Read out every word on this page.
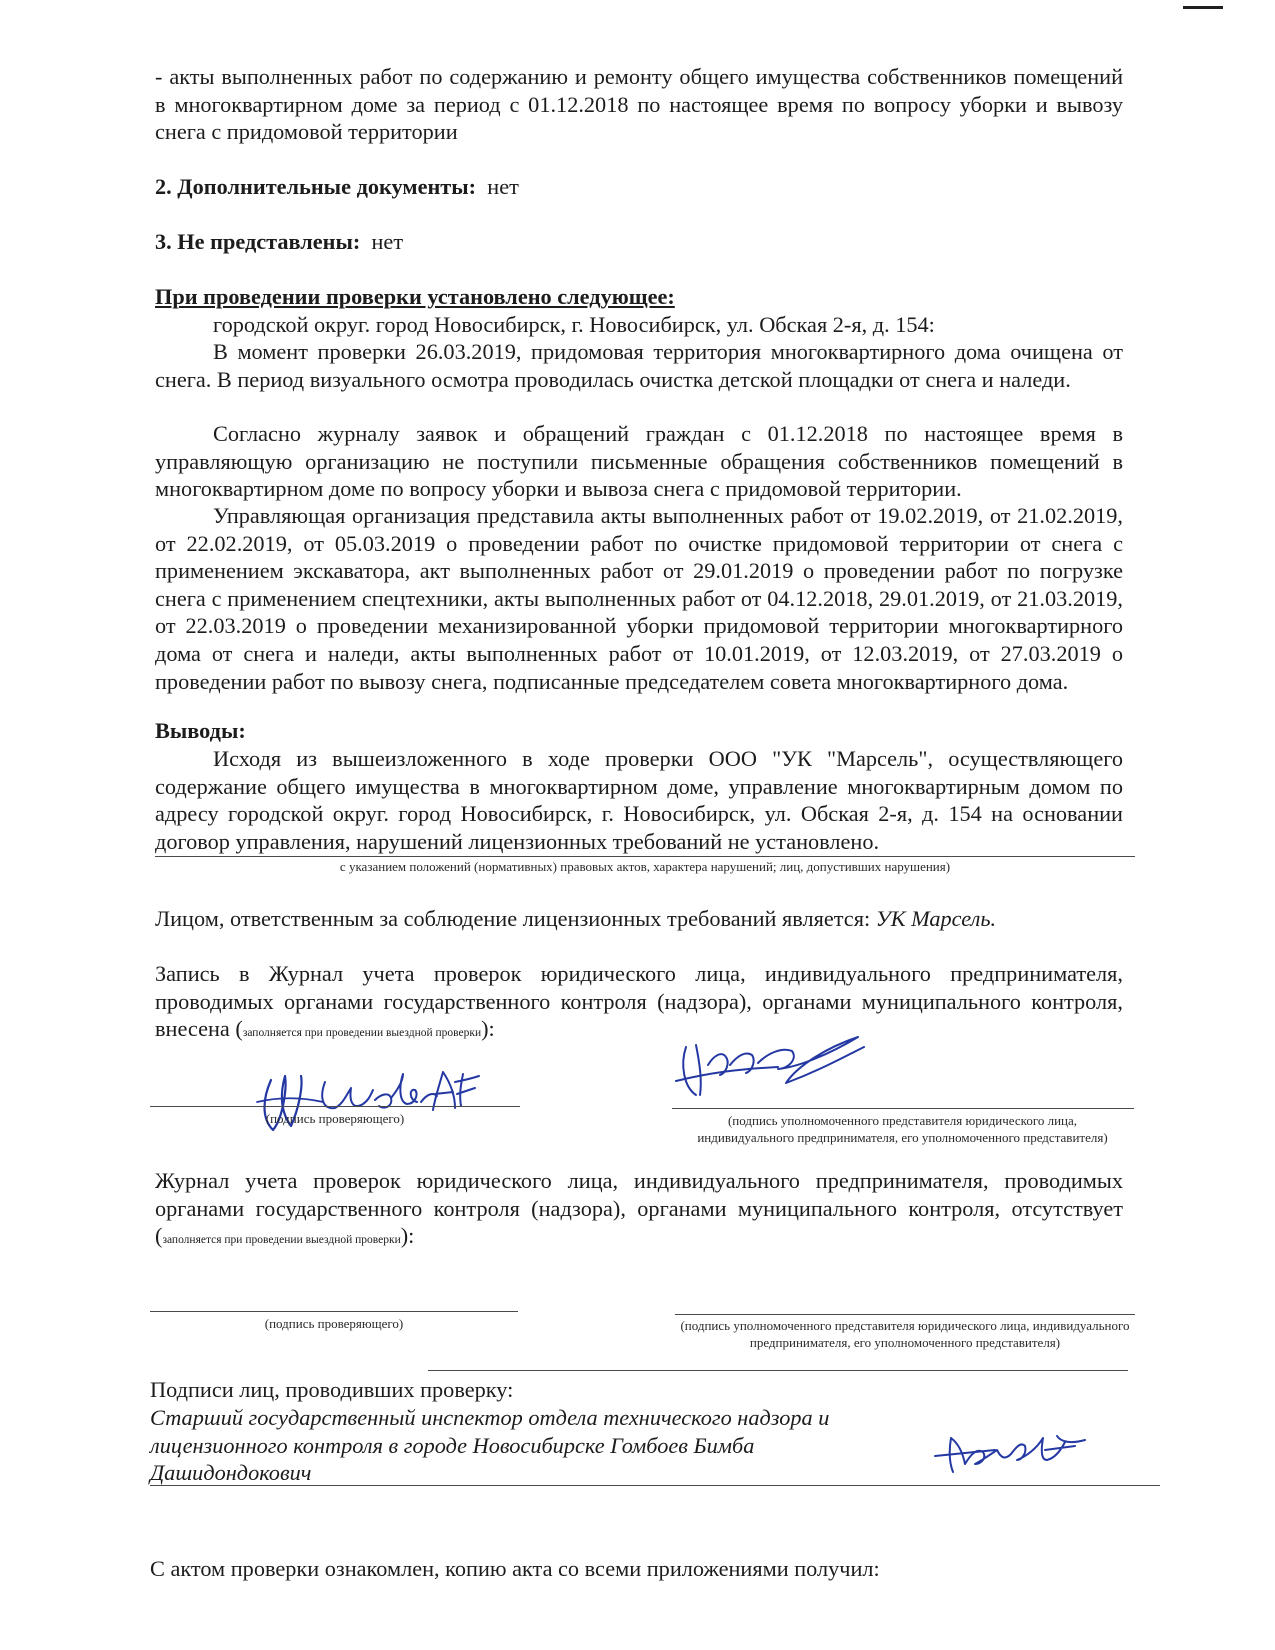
- акты выполненных работ по содержанию и ремонту общего имущества собственников помещений в многоквартирном доме за период с 01.12.2018 по настоящее время по вопросу уборки и вывозу снега с придомовой территории
2. Дополнительные документы: нет
3. Не представлены: нет
При проведении проверки установлено следующее:
городской округ. город Новосибирск, г. Новосибирск, ул. Обская 2-я, д. 154:
В момент проверки 26.03.2019, придомовая территория многоквартирного дома очищена от снега. В период визуального осмотра проводилась очистка детской площадки от снега и наледи.
Согласно журналу заявок и обращений граждан с 01.12.2018 по настоящее время в управляющую организацию не поступили письменные обращения собственников помещений в многоквартирном доме по вопросу уборки и вывоза снега с придомовой территории.
Управляющая организация представила акты выполненных работ от 19.02.2019, от 21.02.2019, от 22.02.2019, от 05.03.2019 о проведении работ по очистке придомовой территории от снега с применением экскаватора, акт выполненных работ от 29.01.2019 о проведении работ по погрузке снега с применением спецтехники, акты выполненных работ от 04.12.2018, 29.01.2019, от 21.03.2019, от 22.03.2019 о проведении механизированной уборки придомовой территории многоквартирного дома от снега и наледи, акты выполненных работ от 10.01.2019, от 12.03.2019, от 27.03.2019 о проведении работ по вывозу снега, подписанные председателем совета многоквартирного дома.
Выводы:
Исходя из вышеизложенного в ходе проверки ООО "УК "Марсель", осуществляющего содержание общего имущества в многоквартирном доме, управление многоквартирным домом по адресу городской округ. город Новосибирск, г. Новосибирск, ул. Обская 2-я, д. 154 на основании договор управления, нарушений лицензионных требований не установлено.
с указанием положений (нормативных) правовых актов, характера нарушений; лиц, допустивших нарушения)
Лицом, ответственным за соблюдение лицензионных требований является: УК Марсель.
Запись в Журнал учета проверок юридического лица, индивидуального предпринимателя, проводимых органами государственного контроля (надзора), органами муниципального контроля, внесена (заполняется при проведении выездной проверки):
(подпись проверяющего)	(подпись уполномоченного представителя юридического лица, индивидуального предпринимателя, его уполномоченного представителя)
Журнал учета проверок юридического лица, индивидуального предпринимателя, проводимых органами государственного контроля (надзора), органами муниципального контроля, отсутствует (заполняется при проведении выездной проверки):
(подпись проверяющего)	(подпись уполномоченного представителя юридического лица, индивидуального предпринимателя, его уполномоченного представителя)
Подписи лиц, проводивших проверку:
Старший государственный инспектор отдела технического надзора и лицензионного контроля в городе Новосибирске Гомбоев Бимба Дашидондокович
С актом проверки ознакомлен, копию акта со всеми приложениями получил:
